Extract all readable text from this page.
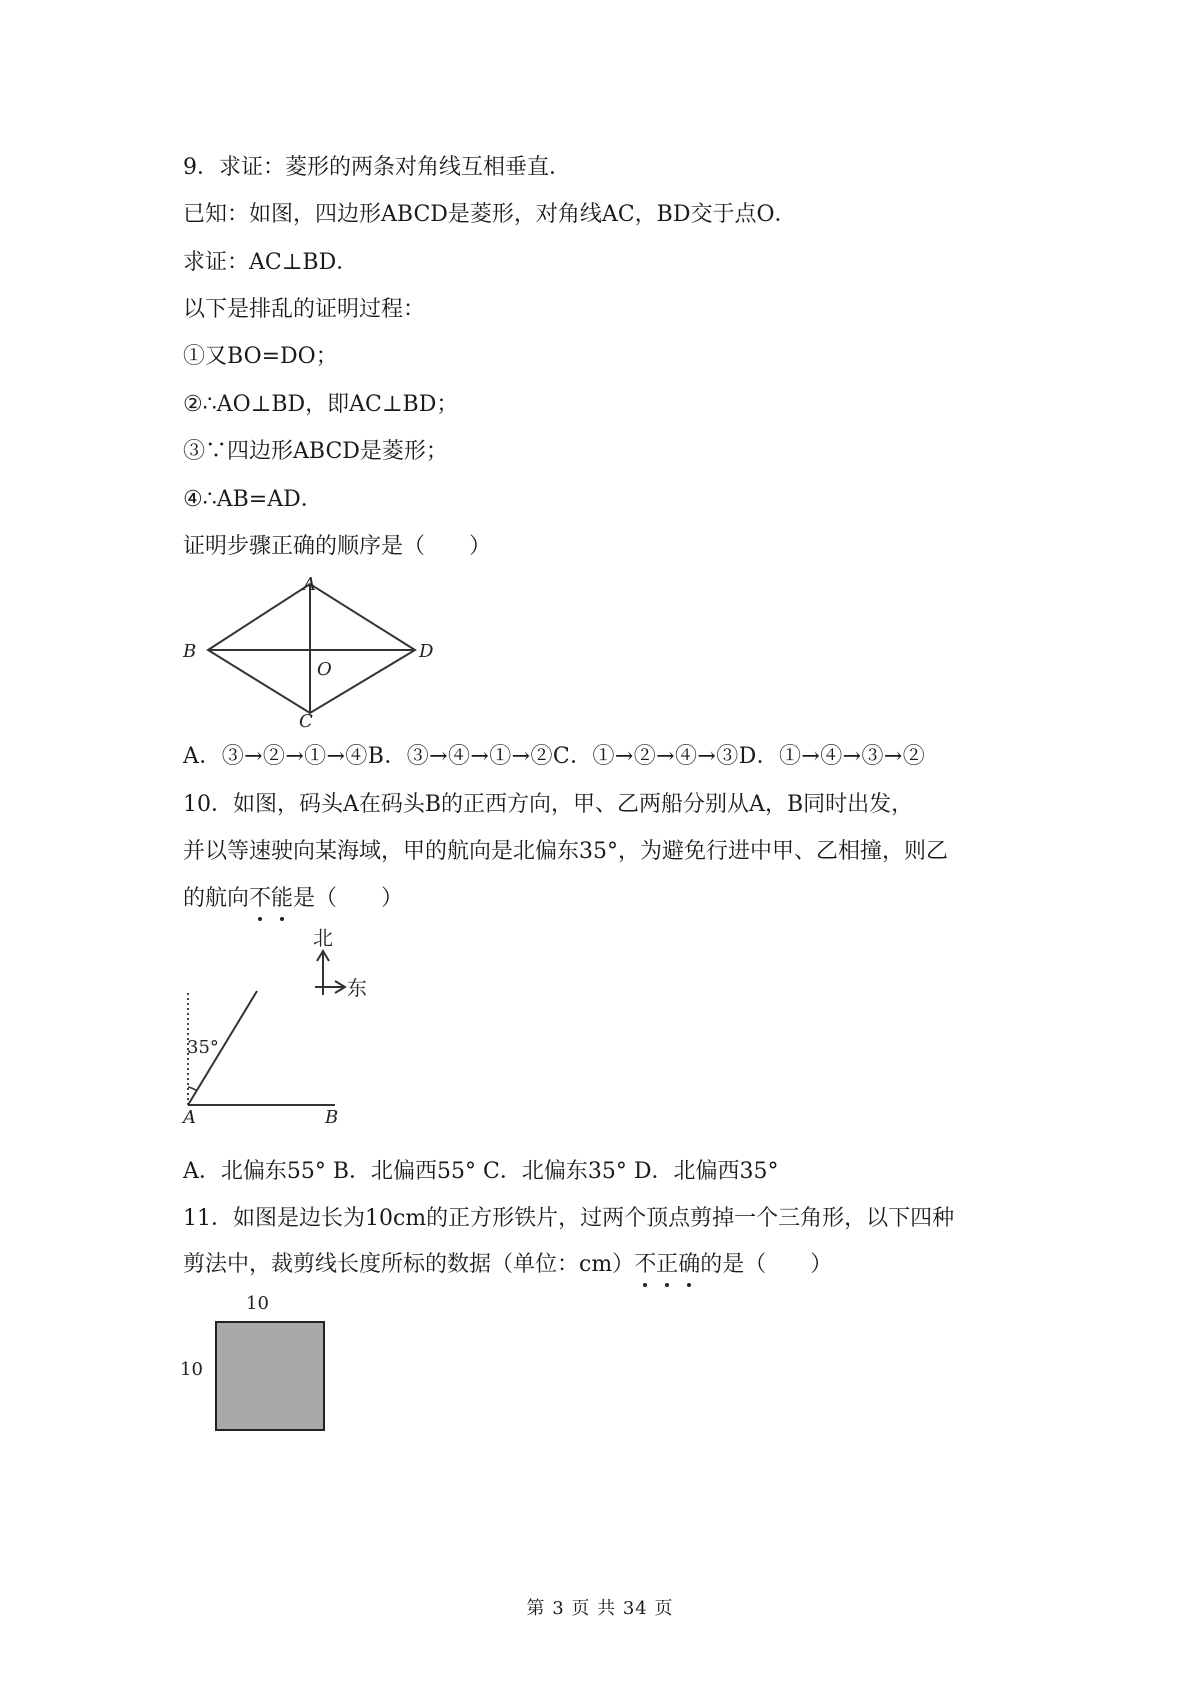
9．求证：菱形的两条对角线互相垂直．
已知：如图，四边形ABCD是菱形，对角线AC，BD交于点O．
求证：AC⊥BD．
以下是排乱的证明过程：
①又BO=DO；
②∴AO⊥BD，即AC⊥BD；
③∵四边形ABCD是菱形；
④∴AB=AD．
证明步骤正确的顺序是（　　）
A
B
C
D
O
A．③→②→①→④B．③→④→①→②C．①→②→④→③D．①→④→③→②
10．如图，码头A在码头B的正西方向，甲、乙两船分别从A，B同时出发，
并以等速驶向某海域，甲的航向是北偏东35°，为避免行进中甲、乙相撞，则乙
的航向不
能
是（　　）
北
东
35°
A	B
A．北偏东55° B．北偏西55° C．北偏东35° D．北偏西35°
11．如图是边长为10cm的正方形铁片，过两个顶点剪掉一个三角形，以下四种
剪法中，裁剪线长度所标的数据（单位：cm）不
正
确
的是（　　）
10
10
第 3 页 共 34 页
